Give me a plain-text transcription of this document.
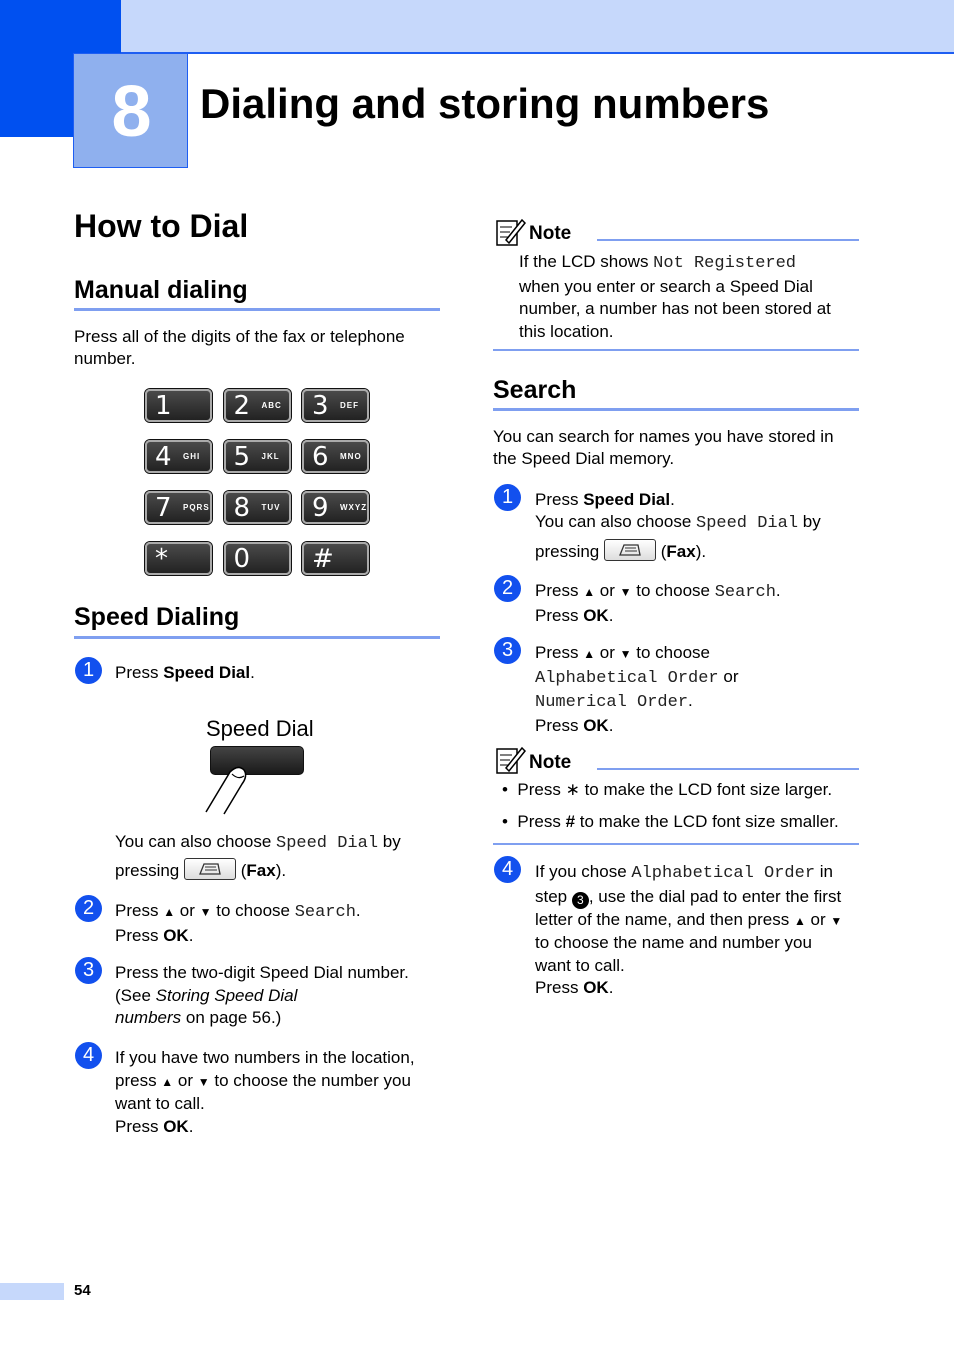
8	Dialing and storing numbers
How to Dial
Manual dialing
Press all of the digits of the fax or telephone number.
1 2 ABC 3 DEF
4 GHI 5 JKL 6 MNO
7 PQRS 8 TUV 9 WXYZ
*	0 #
Speed Dialing
1	Press Speed Dial.
Speed Dial
You can also choose Speed Dial by
pressing	(Fax).
2	Press ▲ or ▼ to choose Search.
Press OK.
3	Press the two-digit Speed Dial number.
(See Storing Speed Dial
numbers on page 56.)
4	If you have two numbers in the location,
press ▲ or ▼ to choose the number you
want to call.
Press OK.
Note
If the LCD shows Not Registered
when you enter or search a Speed Dial
number, a number has not been stored at
this location.
Search
You can search for names you have stored in
the Speed Dial memory.
1	Press Speed Dial.
You can also choose Speed Dial by
pressing	(Fax).
2	Press ▲ or ▼ to choose Search.
Press OK.
3	Press ▲ or ▼ to choose
Alphabetical Order or
Numerical Order.
Press OK.
Note
•  Press ∗ to make the LCD font size larger.
•  Press # to make the LCD font size smaller.
4	If you chose Alphabetical Order in
step 3 , use the dial pad to enter the first
letter of the name, and then press ▲ or ▼
to choose the name and number you
want to call.
Press OK.
54
